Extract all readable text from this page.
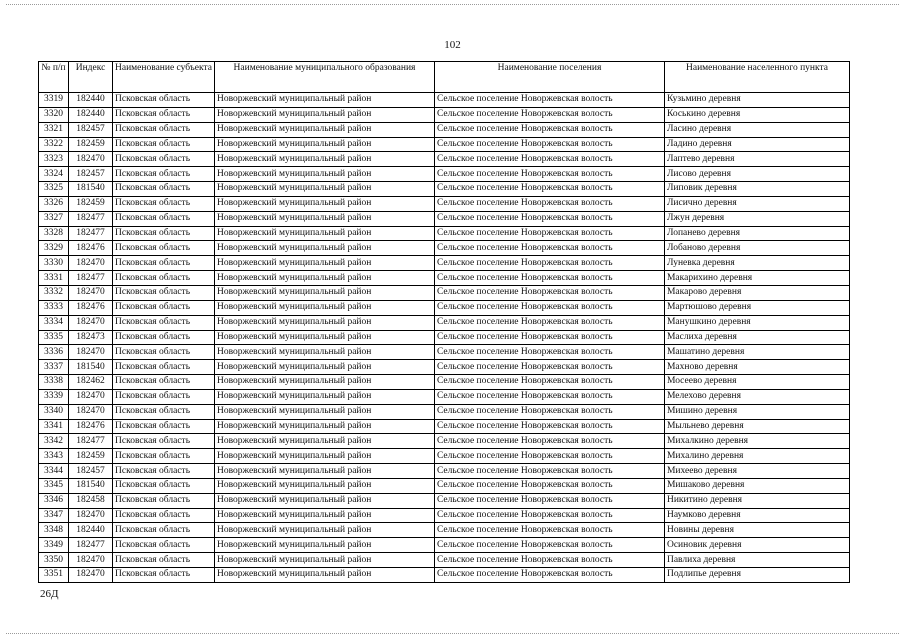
102
№ п/п	Индекс	Наименование субъекта	Наименование муниципального образования	Наименование поселения	Наименование населенного пункта
3319	182440	Псковская область	Новоржевский муниципальный район	Сельское поселение Новоржевская волость	Кузьмино деревня
3320	182440	Псковская область	Новоржевский муниципальный район	Сельское поселение Новоржевская волость	Коськино деревня
3321	182457	Псковская область	Новоржевский муниципальный район	Сельское поселение Новоржевская волость	Ласино деревня
3322	182459	Псковская область	Новоржевский муниципальный район	Сельское поселение Новоржевская волость	Ладино деревня
3323	182470	Псковская область	Новоржевский муниципальный район	Сельское поселение Новоржевская волость	Лаптево деревня
3324	182457	Псковская область	Новоржевский муниципальный район	Сельское поселение Новоржевская волость	Лисово деревня
3325	181540	Псковская область	Новоржевский муниципальный район	Сельское поселение Новоржевская волость	Липовик деревня
3326	182459	Псковская область	Новоржевский муниципальный район	Сельское поселение Новоржевская волость	Лисично деревня
3327	182477	Псковская область	Новоржевский муниципальный район	Сельское поселение Новоржевская волость	Лжун деревня
3328	182477	Псковская область	Новоржевский муниципальный район	Сельское поселение Новоржевская волость	Лопанево деревня
3329	182476	Псковская область	Новоржевский муниципальный район	Сельское поселение Новоржевская волость	Лобаново деревня
3330	182470	Псковская область	Новоржевский муниципальный район	Сельское поселение Новоржевская волость	Луневка деревня
3331	182477	Псковская область	Новоржевский муниципальный район	Сельское поселение Новоржевская волость	Макарихино деревня
3332	182470	Псковская область	Новоржевский муниципальный район	Сельское поселение Новоржевская волость	Макарово деревня
3333	182476	Псковская область	Новоржевский муниципальный район	Сельское поселение Новоржевская волость	Мартюшово деревня
3334	182470	Псковская область	Новоржевский муниципальный район	Сельское поселение Новоржевская волость	Манушкино деревня
3335	182473	Псковская область	Новоржевский муниципальный район	Сельское поселение Новоржевская волость	Маслиха деревня
3336	182470	Псковская область	Новоржевский муниципальный район	Сельское поселение Новоржевская волость	Машатино деревня
3337	181540	Псковская область	Новоржевский муниципальный район	Сельское поселение Новоржевская волость	Махново деревня
3338	182462	Псковская область	Новоржевский муниципальный район	Сельское поселение Новоржевская волость	Мосеево деревня
3339	182470	Псковская область	Новоржевский муниципальный район	Сельское поселение Новоржевская волость	Мелехово деревня
3340	182470	Псковская область	Новоржевский муниципальный район	Сельское поселение Новоржевская волость	Мишино деревня
3341	182476	Псковская область	Новоржевский муниципальный район	Сельское поселение Новоржевская волость	Мыльнево деревня
3342	182477	Псковская область	Новоржевский муниципальный район	Сельское поселение Новоржевская волость	Михалкино деревня
3343	182459	Псковская область	Новоржевский муниципальный район	Сельское поселение Новоржевская волость	Михалино деревня
3344	182457	Псковская область	Новоржевский муниципальный район	Сельское поселение Новоржевская волость	Михеево деревня
3345	181540	Псковская область	Новоржевский муниципальный район	Сельское поселение Новоржевская волость	Мишаково деревня
3346	182458	Псковская область	Новоржевский муниципальный район	Сельское поселение Новоржевская волость	Никитино деревня
3347	182470	Псковская область	Новоржевский муниципальный район	Сельское поселение Новоржевская волость	Наумково деревня
3348	182440	Псковская область	Новоржевский муниципальный район	Сельское поселение Новоржевская волость	Новины деревня
3349	182477	Псковская область	Новоржевский муниципальный район	Сельское поселение Новоржевская волость	Осиновик деревня
3350	182470	Псковская область	Новоржевский муниципальный район	Сельское поселение Новоржевская волость	Павлиха деревня
3351	182470	Псковская область	Новоржевский муниципальный район	Сельское поселение Новоржевская волость	Подлипье деревня
26Д
